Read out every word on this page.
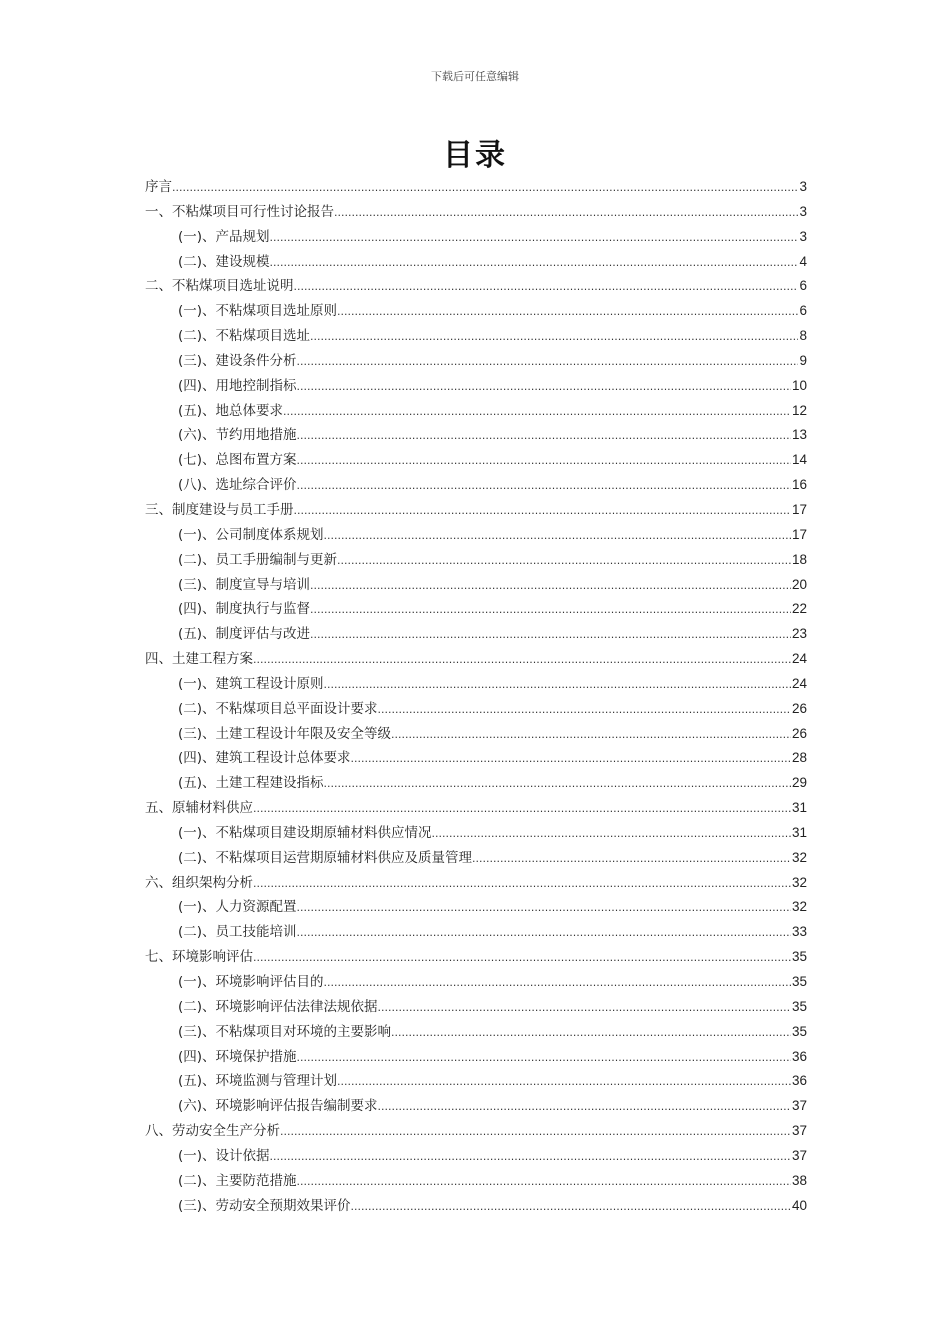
下载后可任意编辑
目录
序言 .....	3
一、不粘煤项目可行性讨论报告 .....	3
(一)、产品规划 .....	3
(二)、建设规模 .....	4
二、不粘煤项目选址说明 .....	6
(一)、不粘煤项目选址原则 .....	6
(二)、不粘煤项目选址 .....	8
(三)、建设条件分析 .....	9
(四)、用地控制指标 .....	10
(五)、地总体要求 .....	12
(六)、节约用地措施 .....	13
(七)、总图布置方案 .....	14
(八)、选址综合评价 .....	16
三、制度建设与员工手册 .....	17
(一)、公司制度体系规划 .....	17
(二)、员工手册编制与更新 .....	18
(三)、制度宣导与培训 .....	20
(四)、制度执行与监督 .....	22
(五)、制度评估与改进 .....	23
四、土建工程方案 .....	24
(一)、建筑工程设计原则 .....	24
(二)、不粘煤项目总平面设计要求 .....	26
(三)、土建工程设计年限及安全等级 .....	26
(四)、建筑工程设计总体要求 .....	28
(五)、土建工程建设指标 .....	29
五、原辅材料供应 .....	31
(一)、不粘煤项目建设期原辅材料供应情况 .....	31
(二)、不粘煤项目运营期原辅材料供应及质量管理 .....	32
六、组织架构分析 .....	32
(一)、人力资源配置 .....	32
(二)、员工技能培训 .....	33
七、环境影响评估 .....	35
(一)、环境影响评估目的 .....	35
(二)、环境影响评估法律法规依据 .....	35
(三)、不粘煤项目对环境的主要影响 .....	35
(四)、环境保护措施 .....	36
(五)、环境监测与管理计划 .....	36
(六)、环境影响评估报告编制要求 .....	37
八、劳动安全生产分析 .....	37
(一)、设计依据 .....	37
(二)、主要防范措施 .....	38
(三)、劳动安全预期效果评价 .....	40
